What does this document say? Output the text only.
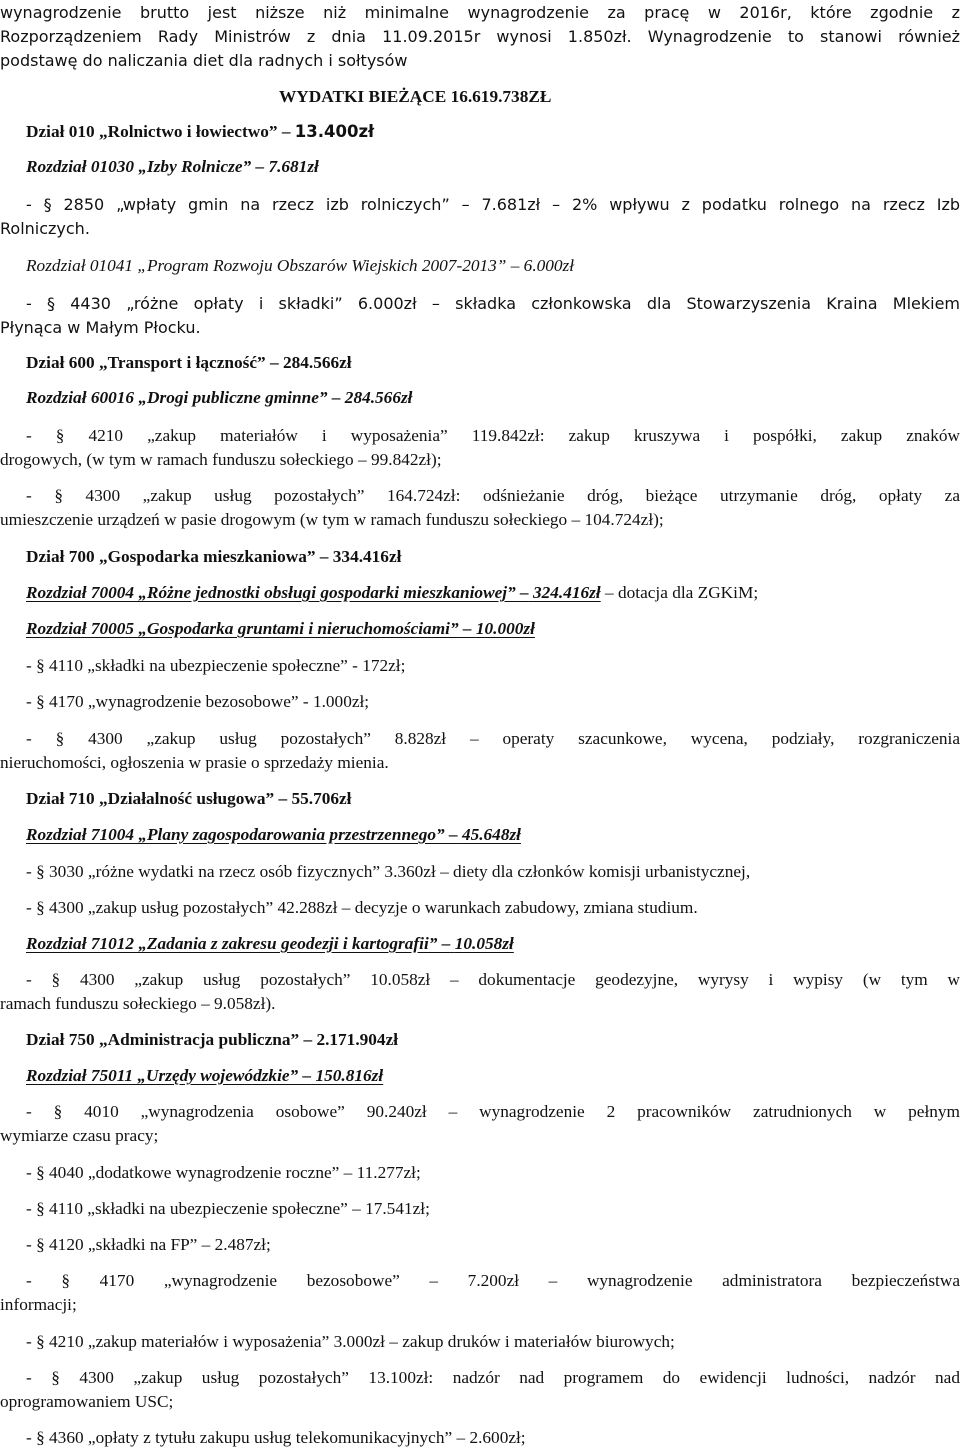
wynagrodzenie brutto jest niższe niż minimalne wynagrodzenie za pracę w 2016r, które zgodnie z

Rozporządzeniem Rady Ministrów z dnia 11.09.2015r wynosi 1.850zł. Wynagrodzenie to stanowi również

podstawę do naliczania diet dla radnych i sołtysów

WYDATKI BIEŻĄCE 16.619.738ZŁ

Dział 010 „Rolnictwo i łowiectwo” – 13.400zł

Rozdział 01030 „Izby Rolnicze” – 7.681zł

- § 2850 „wpłaty gmin na rzecz izb rolniczych” – 7.681zł – 2% wpływu z podatku rolnego na rzecz Izb

Rolniczych.

Rozdział 01041 „Program Rozwoju Obszarów Wiejskich 2007-2013” – 6.000zł

- § 4430 „różne opłaty i składki” 6.000zł – składka członkowska dla Stowarzyszenia Kraina Mlekiem

Płynąca w Małym Płocku.

Dział 600 „Transport i łączność” – 284.566zł

Rozdział 60016 „Drogi publiczne gminne” – 284.566zł

- § 4210 „zakup materiałów i wyposażenia” 119.842zł: zakup kruszywa i pospółki, zakup znaków

drogowych, (w tym w ramach funduszu sołeckiego – 99.842zł);

- § 4300 „zakup usług pozostałych” 164.724zł: odśnieżanie dróg, bieżące utrzymanie dróg, opłaty za

umieszczenie urządzeń w pasie drogowym (w tym w ramach funduszu sołeckiego – 104.724zł);

Dział 700 „Gospodarka mieszkaniowa” – 334.416zł

Rozdział 70004 „Różne jednostki obsługi gospodarki mieszkaniowej” – 324.416zł – dotacja dla ZGKiM;

Rozdział 70005 „Gospodarka gruntami i nieruchomościami” – 10.000zł

- § 4110 „składki na ubezpieczenie społeczne” - 172zł;

- § 4170 „wynagrodzenie bezosobowe” - 1.000zł;

- § 4300 „zakup usług pozostałych” 8.828zł – operaty szacunkowe, wycena, podziały, rozgraniczenia

nieruchomości, ogłoszenia w prasie o sprzedaży mienia.

Dział 710 „Działalność usługowa” – 55.706zł

Rozdział 71004 „Plany zagospodarowania przestrzennego” – 45.648zł

- § 3030 „różne wydatki na rzecz osób fizycznych” 3.360zł – diety dla członków komisji urbanistycznej,

- § 4300 „zakup usług pozostałych” 42.288zł – decyzje o warunkach zabudowy, zmiana studium.

Rozdział 71012 „Zadania z zakresu geodezji i kartografii” – 10.058zł

- § 4300 „zakup usług pozostałych” 10.058zł – dokumentacje geodezyjne, wyrysy i wypisy (w tym w

ramach funduszu sołeckiego – 9.058zł).

Dział 750 „Administracja publiczna” – 2.171.904zł

Rozdział 75011 „Urzędy wojewódzkie” – 150.816zł

- § 4010 „wynagrodzenia osobowe” 90.240zł – wynagrodzenie 2 pracowników zatrudnionych w pełnym

wymiarze czasu pracy;

- § 4040 „dodatkowe wynagrodzenie roczne” – 11.277zł;

- § 4110 „składki na ubezpieczenie społeczne” – 17.541zł;

- § 4120 „składki na FP” – 2.487zł;

- § 4170 „wynagrodzenie bezosobowe” – 7.200zł – wynagrodzenie administratora bezpieczeństwa

informacji;

- § 4210 „zakup materiałów i wyposażenia” 3.000zł – zakup druków i materiałów biurowych;

- § 4300 „zakup usług pozostałych” 13.100zł: nadzór nad programem do ewidencji ludności, nadzór nad

oprogramowaniem USC;

- § 4360 „opłaty z tytułu zakupu usług telekomunikacyjnych” – 2.600zł;
